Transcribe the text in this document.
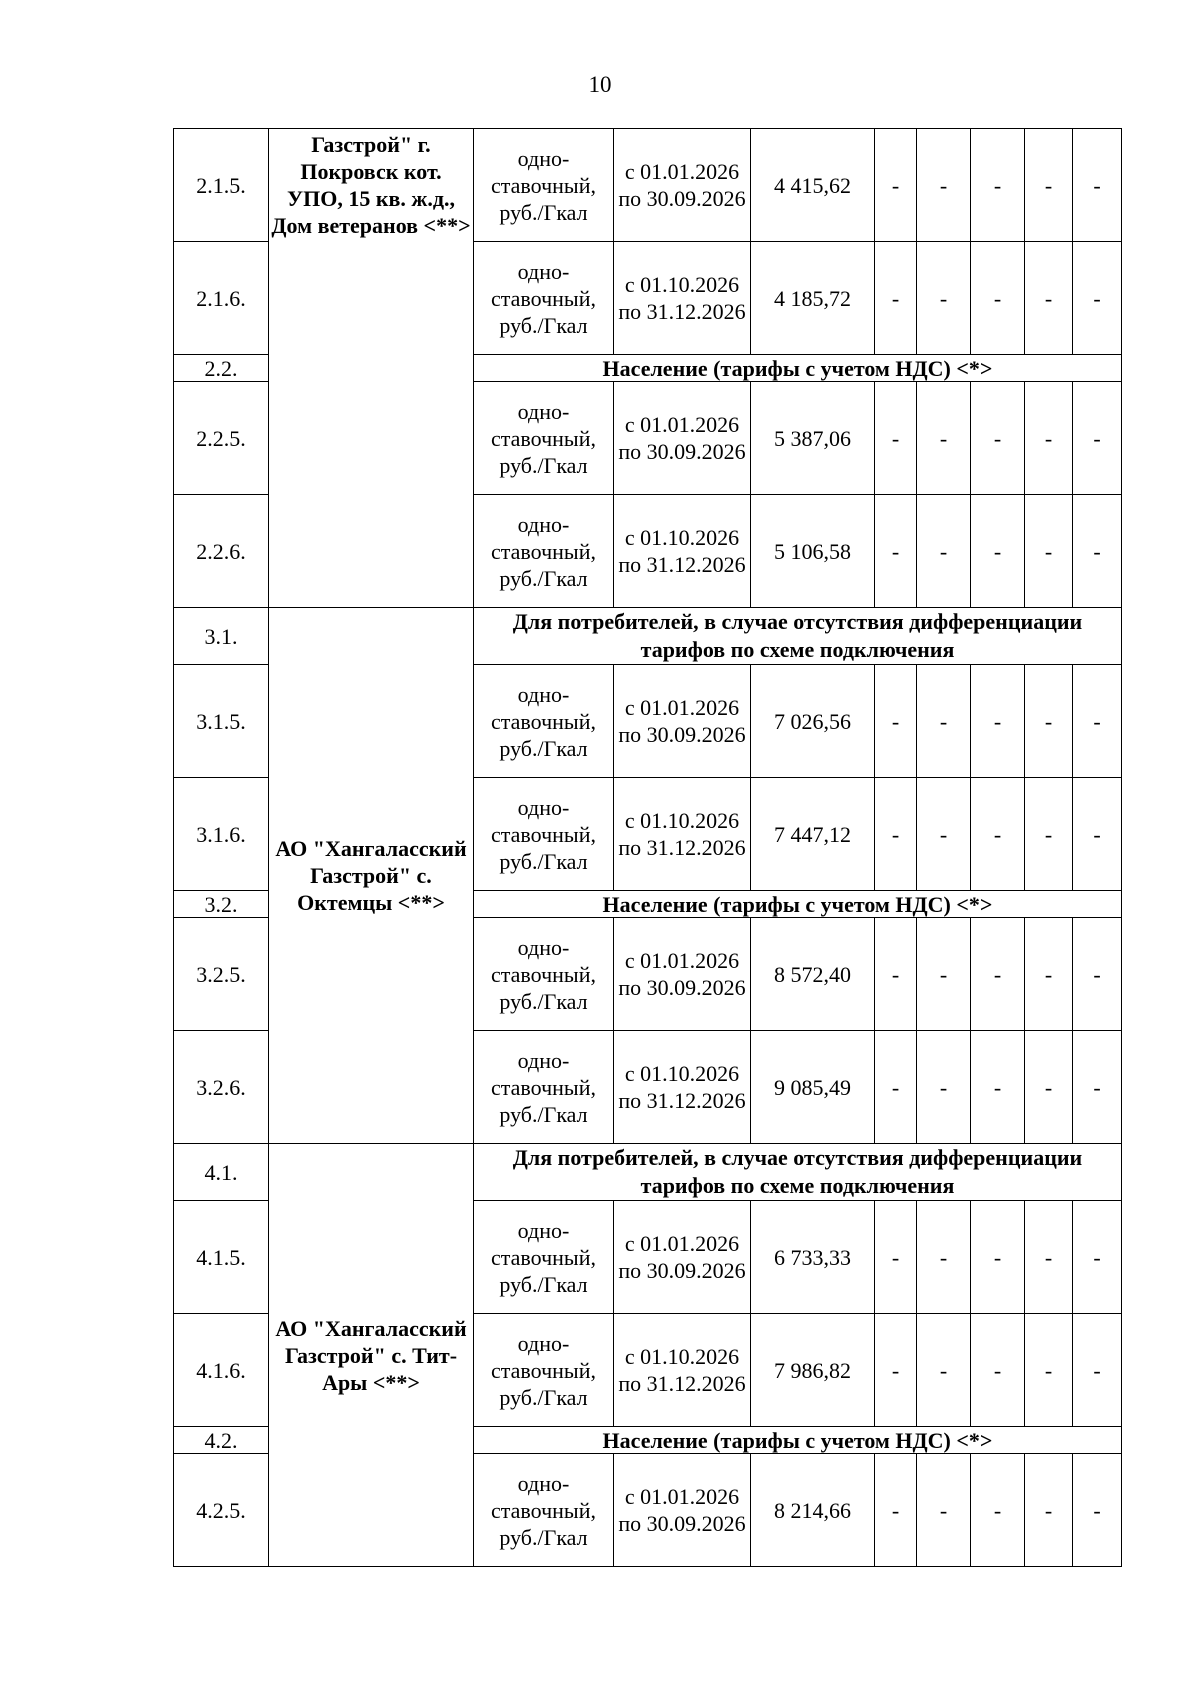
10
2.1.5.	Газстрой" г. Покровск кот. УПО, 15 кв. ж.д., Дом ветеранов <**>	одно-ставочный, руб./Гкал	с 01.01.2026 по 30.09.2026	4 415,62	-	-	-	-	-
2.1.6.		одно-ставочный, руб./Гкал	с 01.10.2026 по 31.12.2026	4 185,72	-	-	-	-	-
2.2.		Население (тарифы с учетом НДС) <*>							
2.2.5.		одно-ставочный, руб./Гкал	с 01.01.2026 по 30.09.2026	5 387,06	-	-	-	-	-
2.2.6.		одно-ставочный, руб./Гкал	с 01.10.2026 по 31.12.2026	5 106,58	-	-	-	-	-
3.1.	АО "Хангаласский Газстрой" с. Октемцы <**>	Для потребителей, в случае отсутствия дифференциации тарифов по схеме подключения							
3.1.5.		одно-ставочный, руб./Гкал	с 01.01.2026 по 30.09.2026	7 026,56	-	-	-	-	-
3.1.6.		одно-ставочный, руб./Гкал	с 01.10.2026 по 31.12.2026	7 447,12	-	-	-	-	-
3.2.		Население (тарифы с учетом НДС) <*>							
3.2.5.		одно-ставочный, руб./Гкал	с 01.01.2026 по 30.09.2026	8 572,40	-	-	-	-	-
3.2.6.		одно-ставочный, руб./Гкал	с 01.10.2026 по 31.12.2026	9 085,49	-	-	-	-	-
4.1.	АО "Хангаласский Газстрой" с. Тит-Ары <**>	Для потребителей, в случае отсутствия дифференциации тарифов по схеме подключения							
4.1.5.		одно-ставочный, руб./Гкал	с 01.01.2026 по 30.09.2026	6 733,33	-	-	-	-	-
4.1.6.		одно-ставочный, руб./Гкал	с 01.10.2026 по 31.12.2026	7 986,82	-	-	-	-	-
4.2.		Население (тарифы с учетом НДС) <*>							
4.2.5.		одно-ставочный, руб./Гкал	с 01.01.2026 по 30.09.2026	8 214,66	-	-	-	-	-
